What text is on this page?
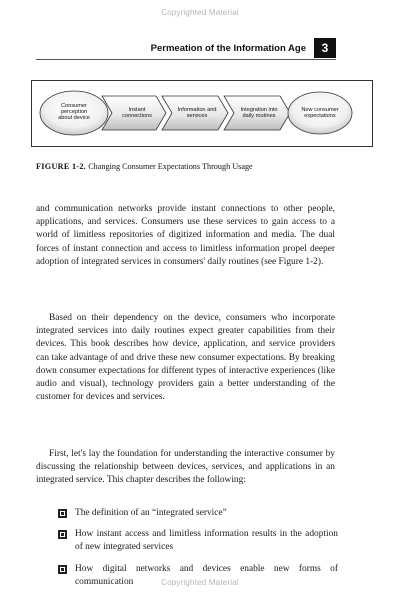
Copyrighted Material
Permeation of the Information Age	3
Consumer
perception
about device
Instant
connections
Information and
services
Integration into
daily routines
New consumer
expectations
FIGURE 1-2. Changing Consumer Expectations Through Usage

and communication networks provide instant connections to other people, applications, and services. Consumers use these services to gain access to a world of limitless repositories of digitized information and media. The dual forces of instant connection and access to limitless information propel deeper adoption of integrated services in consumers' daily routines (see Figure 1-2).

Based on their dependency on the device, consumers who incorporate integrated services into daily routines expect greater capabilities from their devices. This book describes how device, application, and service providers can take advantage of and drive these new consumer expectations. By breaking down consumer expectations for different types of interactive experiences (like audio and visual), technology providers gain a better understanding of the customer for devices and services.

First, let's lay the foundation for understanding the interactive consumer by discussing the relationship between devices, services, and applications in an integrated service. This chapter describes the following:

The definition of an “integrated service”
How instant access and limitless information results in the adoption of new integrated services
How digital networks and devices enable new forms of communication	Copyrighted Material
